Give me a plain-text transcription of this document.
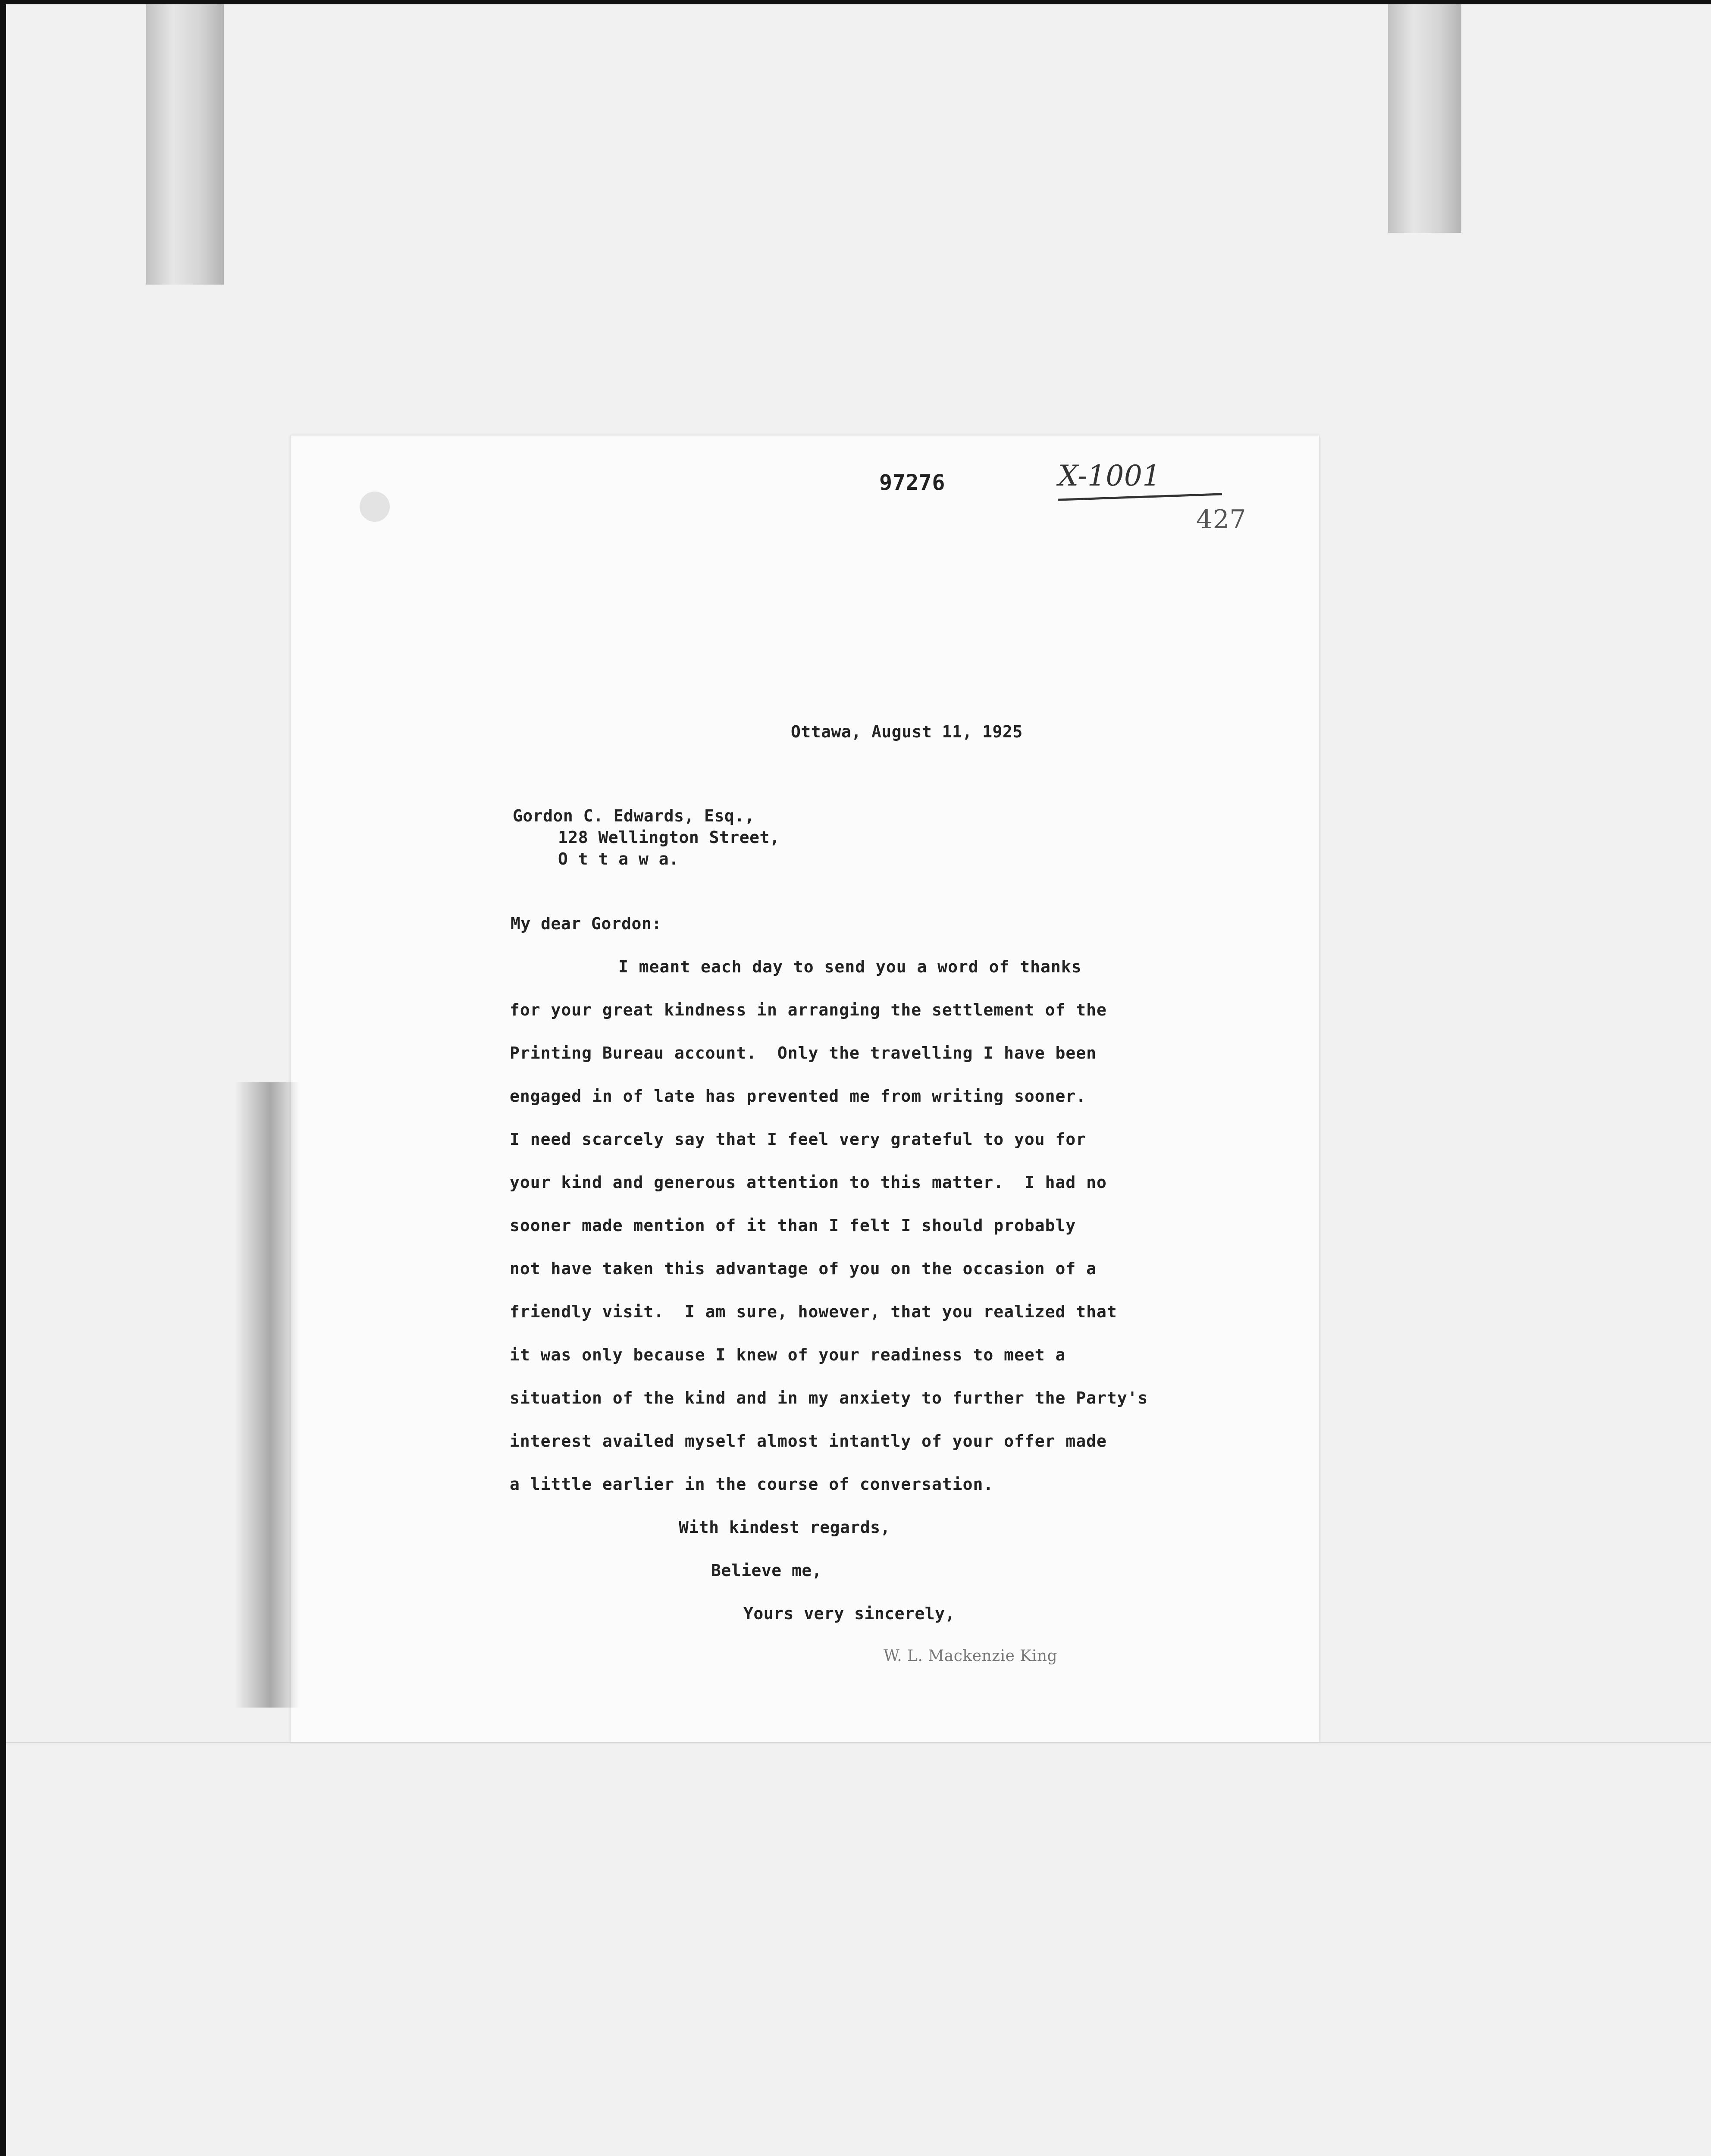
97276	X-1001
427
Ottawa, August 11, 1925
Gordon C. Edwards, Esq.,
128 Wellington Street,
O t t a w a.
My dear Gordon:
I meant each day to send you a word of thanks
for your great kindness in arranging the settlement of the
Printing Bureau account.  Only the travelling I have been
engaged in of late has prevented me from writing sooner.
I need scarcely say that I feel very grateful to you for
your kind and generous attention to this matter.  I had no
sooner made mention of it than I felt I should probably
not have taken this advantage of you on the occasion of a
friendly visit.  I am sure, however, that you realized that
it was only because I knew of your readiness to meet a
situation of the kind and in my anxiety to further the Party's
interest availed myself almost intantly of your offer made
a little earlier in the course of conversation.
With kindest regards,
Believe me,
Yours very sincerely,
W. L. Mackenzie King
